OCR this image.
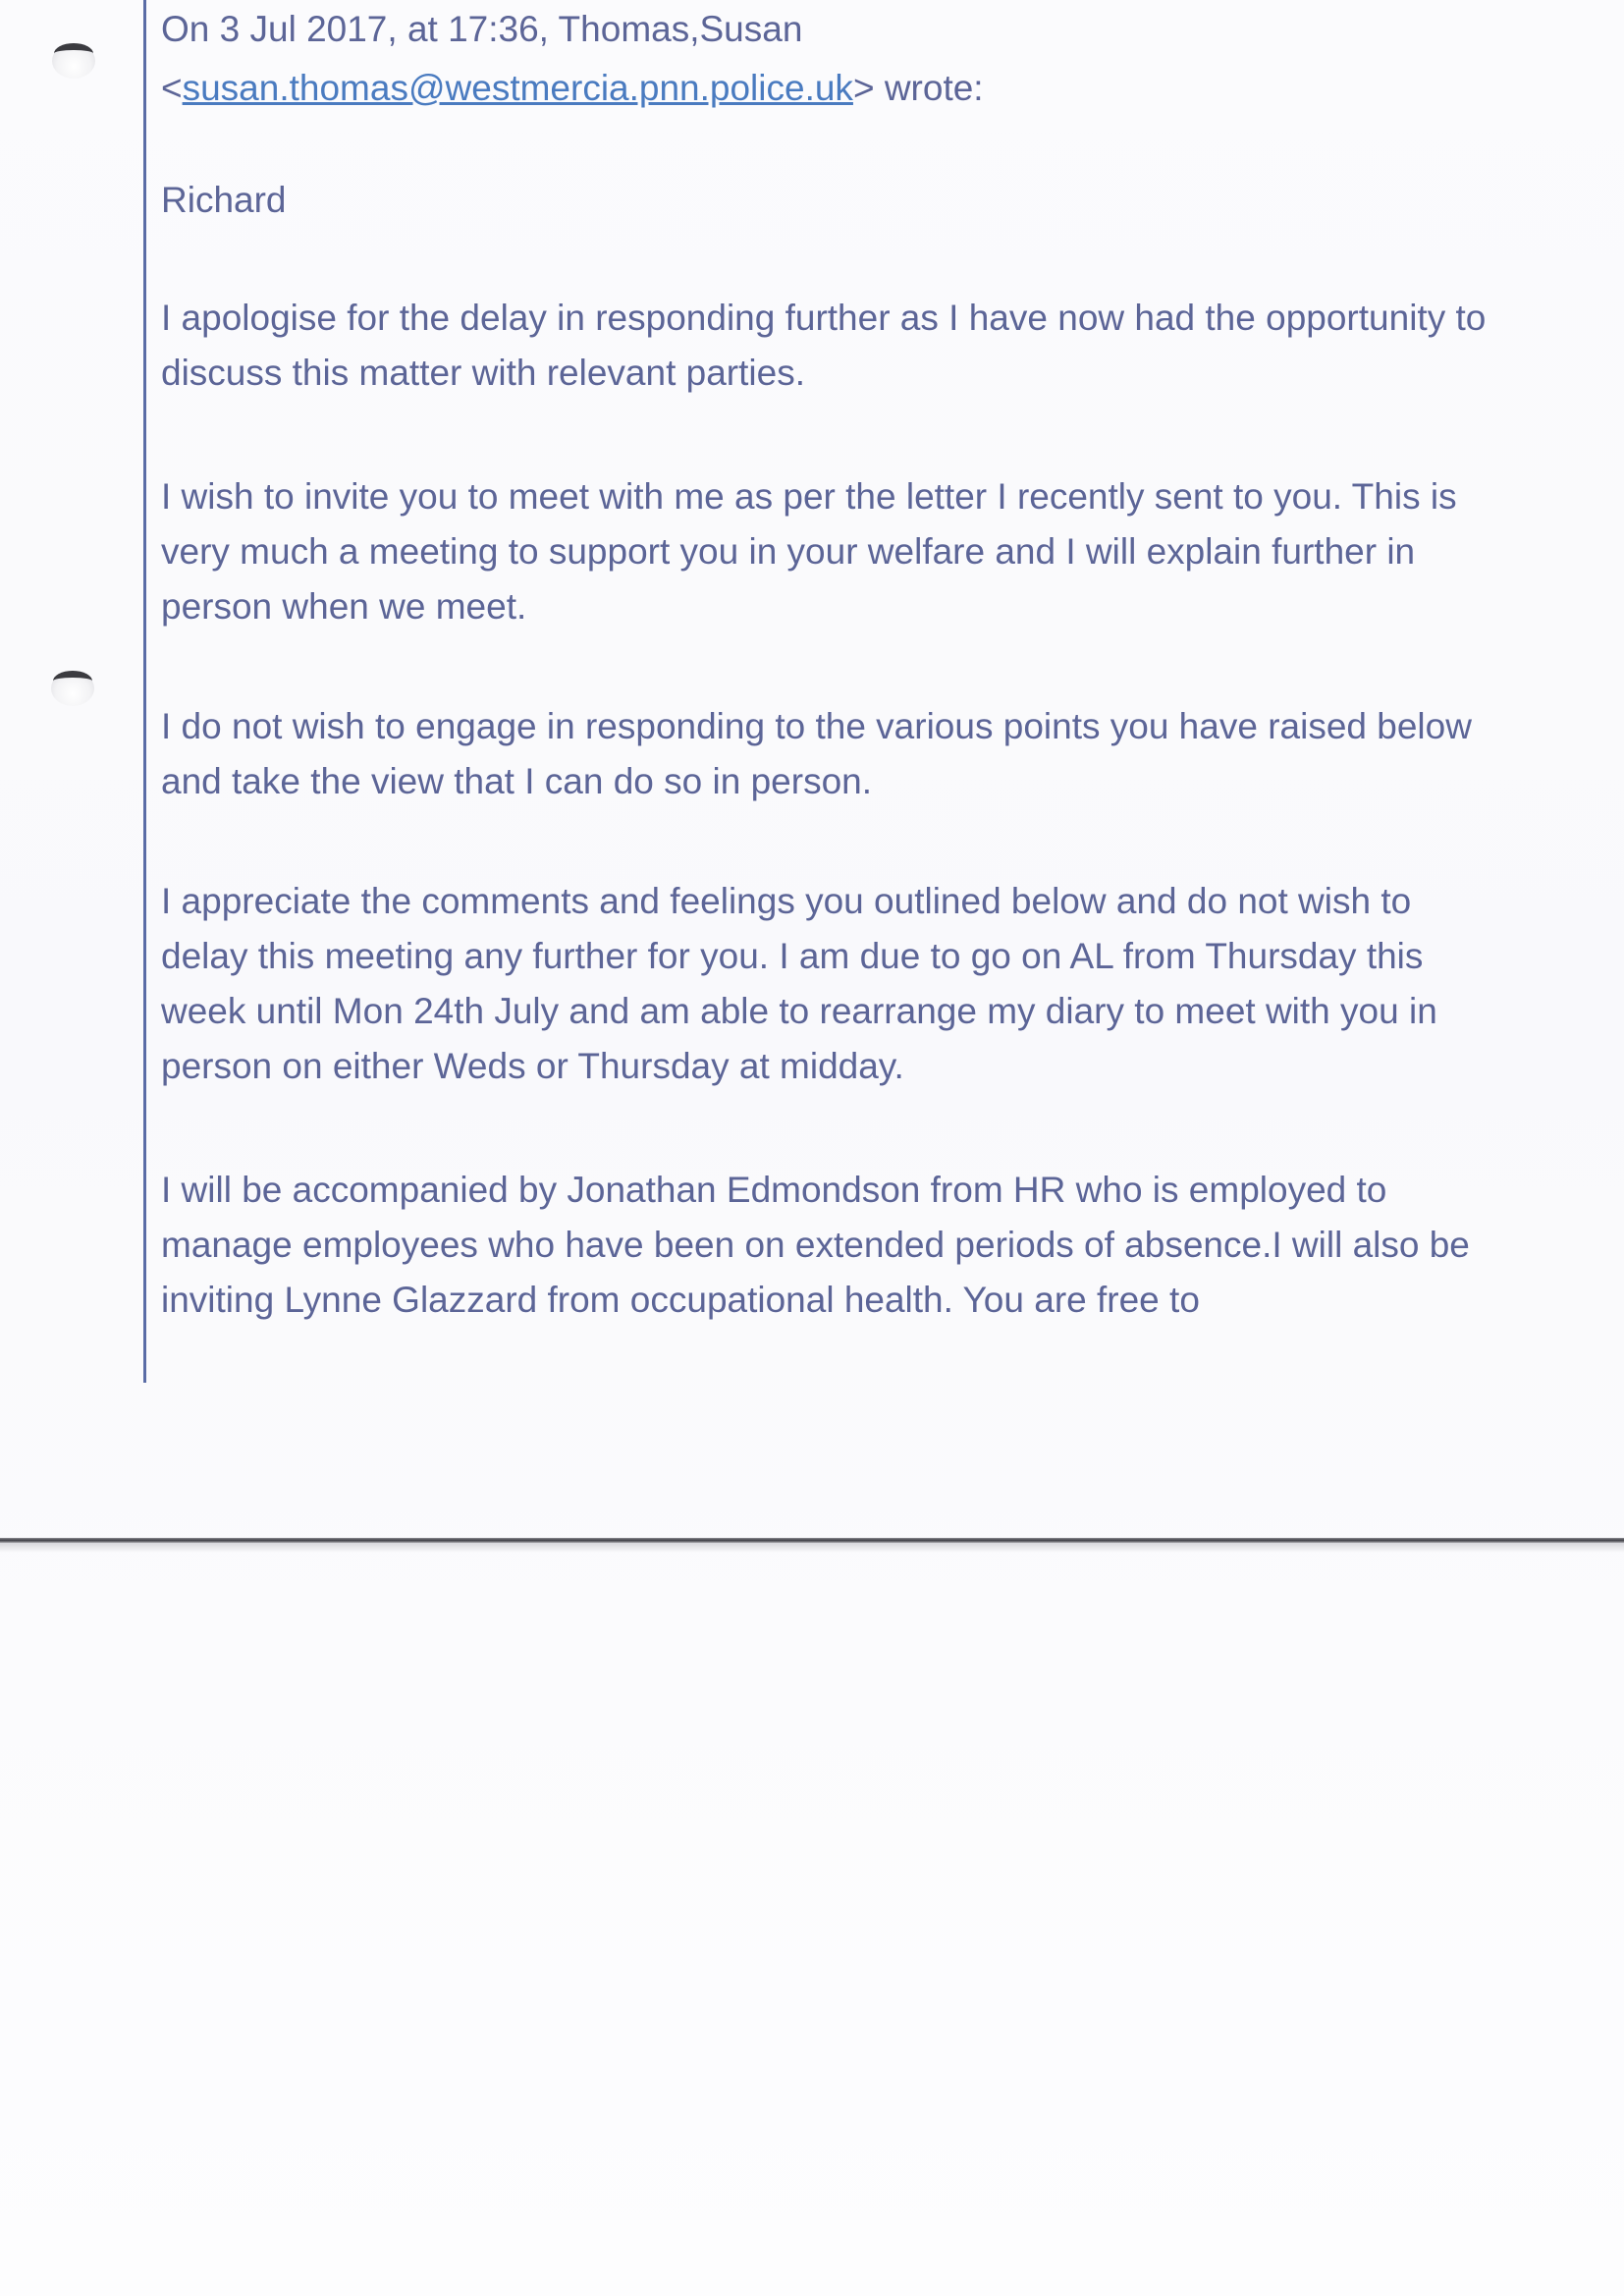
On 3 Jul 2017, at 17:36, Thomas,Susan
<susan.thomas@westmercia.pnn.police.uk> wrote:

Richard

I apologise for the delay in responding further as I have now had the opportunity to discuss this matter with relevant parties.

I wish to invite you to meet with me as per the letter I recently sent to you. This is very much a meeting to support you in your welfare and I will explain further in person when we meet.

I do not wish to engage in responding to the various points you have raised below and take the view that I can do so in person.

I appreciate the comments and feelings you outlined below and do not wish to delay this meeting any further for you. I am due to go on AL from Thursday this week until Mon 24th July and am able to rearrange my diary to meet with you in person on either Weds or Thursday at midday.

I will be accompanied by Jonathan Edmondson from HR who is employed to manage employees who have been on extended periods of absence.I will also be inviting Lynne Glazzard from occupational health. You are free to
